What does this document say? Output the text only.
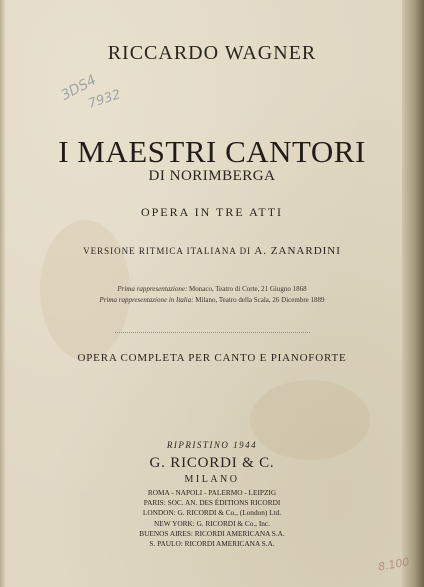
3DS4
7932
8.100
RICCARDO WAGNER
I MAESTRI CANTORI
DI NORIMBERGA
OPERA IN TRE ATTI
VERSIONE RITMICA ITALIANA DI A. ZANARDINI
Prima rappresentazione: Monaco, Teatro di Corte, 21 Giugno 1868
Prima rappresentazione in Italia: Milano, Teatro della Scala, 26 Dicembre 1889
OPERA COMPLETA PER CANTO E PIANOFORTE
RIPRISTINO 1944
G. RICORDI & C.
MILANO
ROMA - NAPOLI - PALERMO - LEIPZIG
PARIS: SOC. AN. DES ÉDITIONS RICORDI
LONDON: G. RICORDI & Co., (London) Ltd.
NEW YORK: G. RICORDI & Co., Inc.
BUENOS AIRES: RICORDI AMERICANA S.A.
S. PAULO: RICORDI AMERICANA S.A.
